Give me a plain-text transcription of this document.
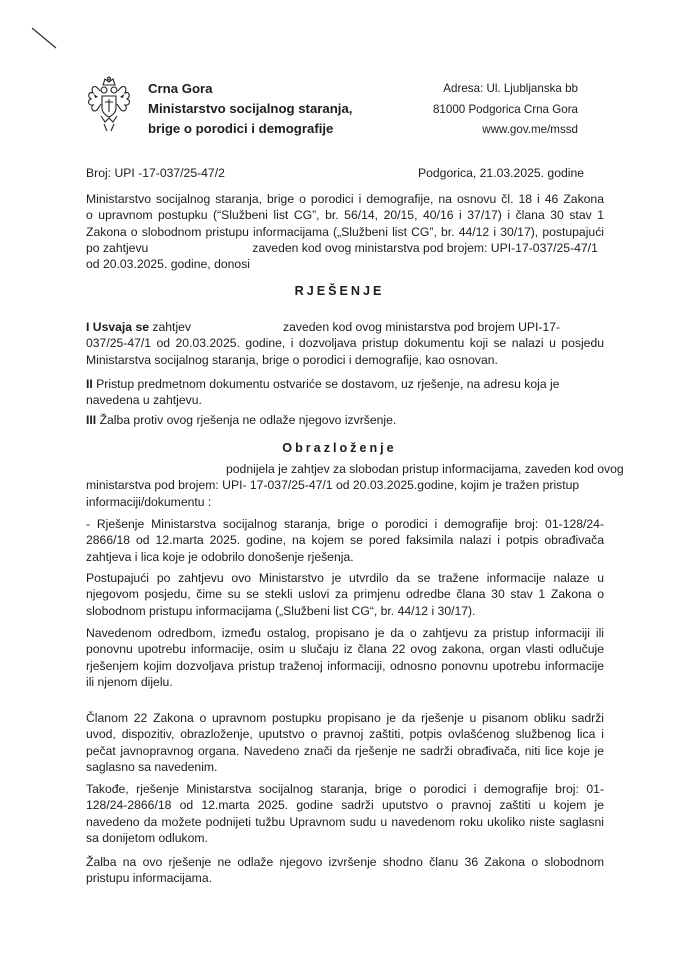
Crna Gora
Ministarstvo socijalnog staranja,
brige o porodici i demografije
Adresa: Ul. Ljubljanska bb
81000 Podgorica Crna Gora
www.gov.me/mssd
Broj: UPI -17-037/25-47/2	Podgorica, 21.03.2025. godine
Ministarstvo socijalnog staranja, brige o porodici i demografije, na osnovu čl. 18 i 46 Zakona
o upravnom postupku (“Službeni list CG”, br. 56/14, 20/15, 40/16 i 37/17) i člana 30 stav 1
Zakona o slobodnom pristupu informacijama („Službeni list CG”, br. 44/12 i 30/17), postupajući
po zahtjevu	zaveden kod ovog ministarstva pod brojem: UPI-17-037/25-47/1
od 20.03.2025. godine, donosi
RJEŠENJE
I Usvaja se zahtjev	zaveden kod ovog ministarstva pod brojem UPI-17-
037/25-47/1 od 20.03.2025. godine, i dozvoljava pristup dokumentu koji se nalazi u posjedu
Ministarstva socijalnog staranja, brige o porodici i demografije, kao osnovan.
II Pristup predmetnom dokumentu ostvariće se dostavom, uz rješenje, na adresu koja je
navedena u zahtjevu.
III Žalba protiv ovog rješenja ne odlaže njegovo izvršenje.
Obrazloženje
podnijela je zahtjev za slobodan pristup informacijama, zaveden kod ovog
ministarstva pod brojem: UPI- 17-037/25-47/1 od 20.03.2025.godine, kojim je tražen pristup
informaciji/dokumentu :
- Rješenje Ministarstva socijalnog staranja, brige o porodici i demografije broj: 01-128/24-
2866/18 od 12.marta 2025. godine, na kojem se pored faksimila nalazi i potpis obrađivača
zahtjeva i lica koje je odobrilo donošenje rješenja.
Postupajući po zahtjevu ovo Ministarstvo je utvrdilo da se tražene informacije nalaze u
njegovom posjedu, čime su se stekli uslovi za primjenu odredbe člana 30 stav 1 Zakona o
slobodnom pristupu informacijama („Službeni list CG“, br. 44/12 i 30/17).
Navedenom odredbom, između ostalog, propisano je da o zahtjevu za pristup informaciji ili
ponovnu upotrebu informacije, osim u slučaju iz člana 22 ovog zakona, organ vlasti odlučuje
rješenjem kojim dozvoljava pristup traženoj informaciji, odnosno ponovnu upotrebu informacije
ili njenom dijelu.
Članom 22 Zakona o upravnom postupku propisano je da rješenje u pisanom obliku sadrži
uvod, dispozitiv, obrazloženje, uputstvo o pravnoj zaštiti, potpis ovlašćenog službenog lica i
pečat javnopravnog organa. Navedeno znači da rješenje ne sadrži obrađivača, niti lice koje je
saglasno sa navedenim.
Takođe, rješenje Ministarstva socijalnog staranja, brige o porodici i demografije broj: 01-
128/24-2866/18 od 12.marta 2025. godine sadrži uputstvo o pravnoj zaštiti u kojem je
navedeno da možete podnijeti tužbu Upravnom sudu u navedenom roku ukoliko niste saglasni
sa donijetom odlukom.
Žalba na ovo rješenje ne odlaže njegovo izvršenje shodno članu 36 Zakona o slobodnom
pristupu informacijama.
